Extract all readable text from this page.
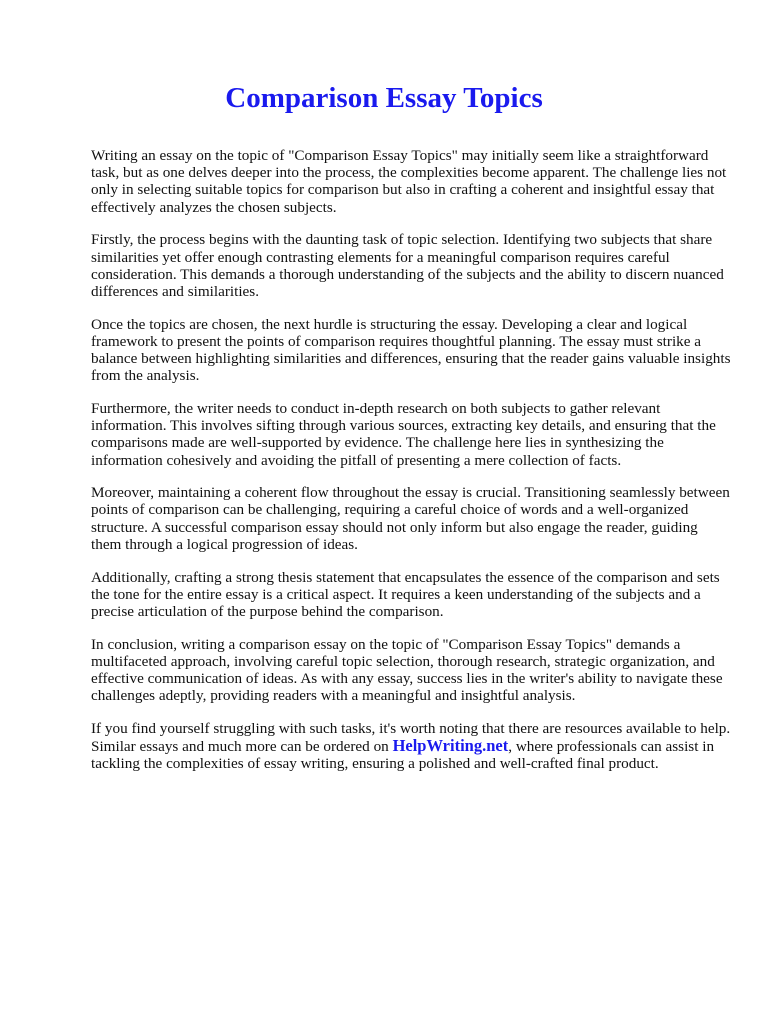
Comparison Essay Topics

Writing an essay on the topic of "Comparison Essay Topics" may initially seem like a straightforward task, but as one delves deeper into the process, the complexities become apparent. The challenge lies not only in selecting suitable topics for comparison but also in crafting a coherent and insightful essay that effectively analyzes the chosen subjects.

Firstly, the process begins with the daunting task of topic selection. Identifying two subjects that share similarities yet offer enough contrasting elements for a meaningful comparison requires careful consideration. This demands a thorough understanding of the subjects and the ability to discern nuanced differences and similarities.

Once the topics are chosen, the next hurdle is structuring the essay. Developing a clear and logical framework to present the points of comparison requires thoughtful planning. The essay must strike a balance between highlighting similarities and differences, ensuring that the reader gains valuable insights from the analysis.

Furthermore, the writer needs to conduct in-depth research on both subjects to gather relevant information. This involves sifting through various sources, extracting key details, and ensuring that the comparisons made are well-supported by evidence. The challenge here lies in synthesizing the information cohesively and avoiding the pitfall of presenting a mere collection of facts.

Moreover, maintaining a coherent flow throughout the essay is crucial. Transitioning seamlessly between points of comparison can be challenging, requiring a careful choice of words and a well-organized structure. A successful comparison essay should not only inform but also engage the reader, guiding them through a logical progression of ideas.

Additionally, crafting a strong thesis statement that encapsulates the essence of the comparison and sets the tone for the entire essay is a critical aspect. It requires a keen understanding of the subjects and a precise articulation of the purpose behind the comparison.

In conclusion, writing a comparison essay on the topic of "Comparison Essay Topics" demands a multifaceted approach, involving careful topic selection, thorough research, strategic organization, and effective communication of ideas. As with any essay, success lies in the writer's ability to navigate these challenges adeptly, providing readers with a meaningful and insightful analysis.

If you find yourself struggling with such tasks, it's worth noting that there are resources available to help. Similar essays and much more can be ordered on HelpWriting.net, where professionals can assist in tackling the complexities of essay writing, ensuring a polished and well-crafted final product.
